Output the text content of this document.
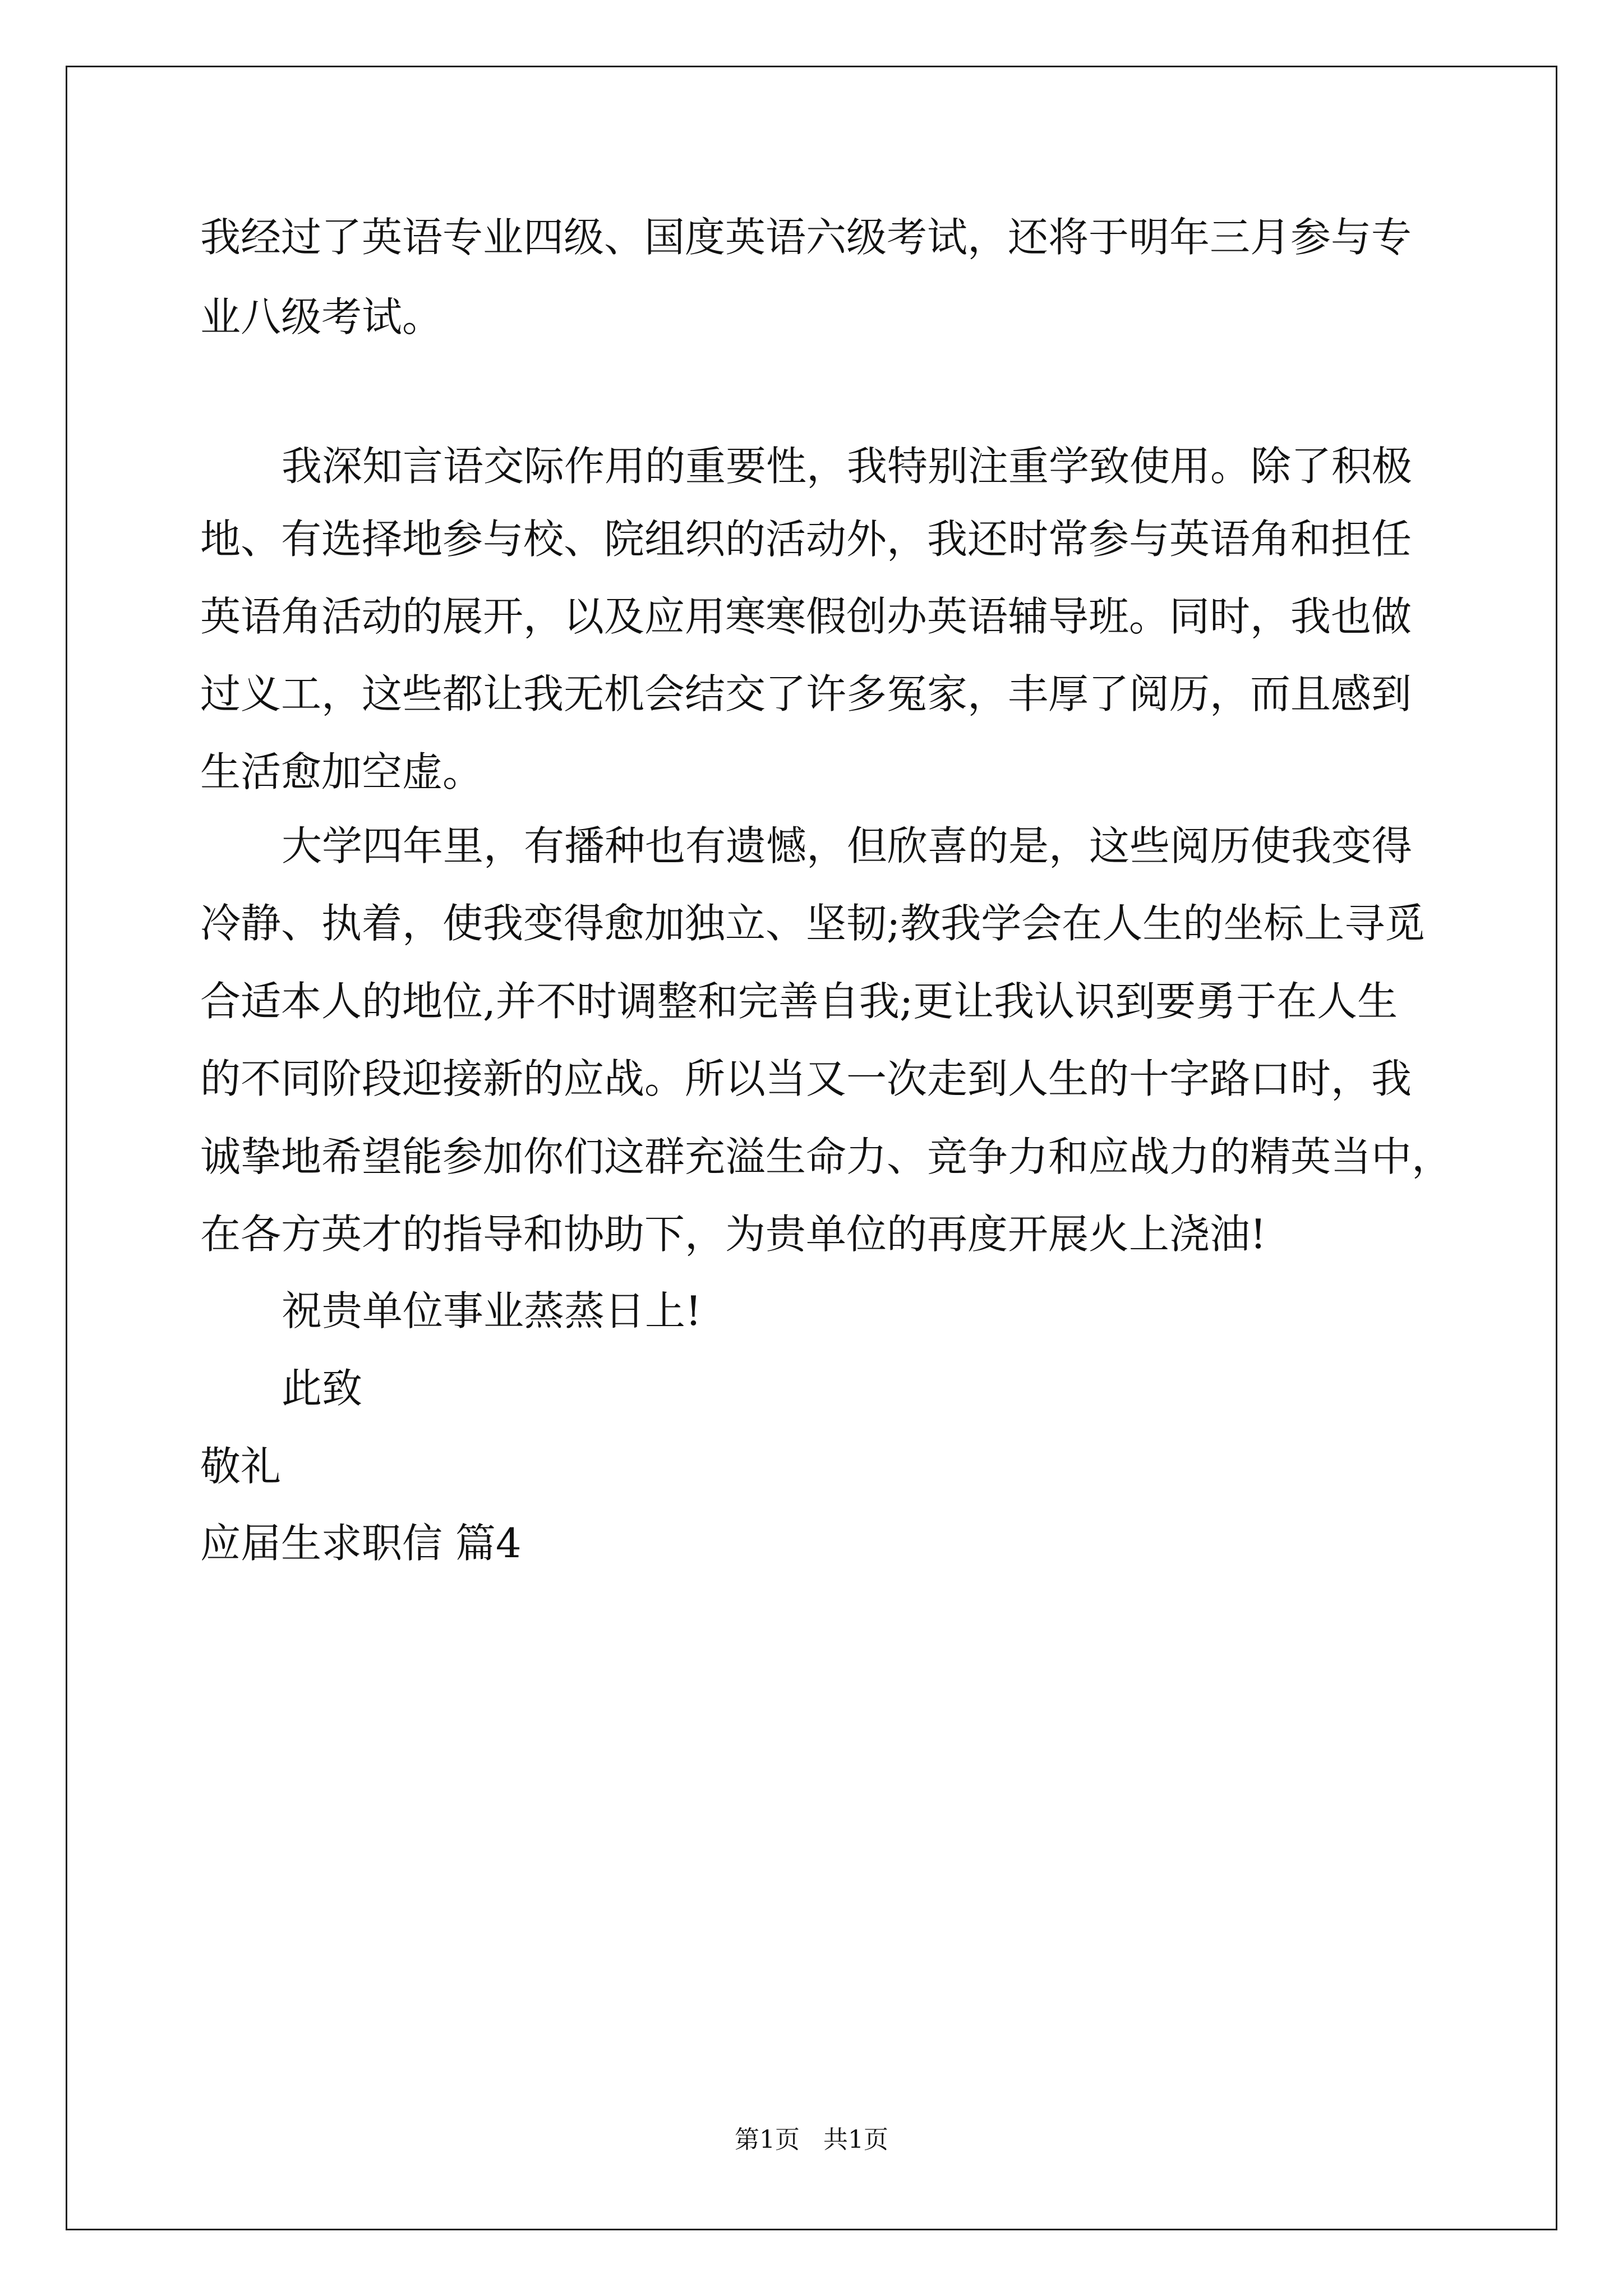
我经过了英语专业四级、国度英语六级考试，还将于明年三月参与专
业八级考试。
我深知言语交际作用的重要性，我特别注重学致使用。除了积极
地、有选择地参与校、院组织的活动外，我还时常参与英语角和担任
英语角活动的展开，以及应用寒寒假创办英语辅导班。同时，我也做
过义工，这些都让我无机会结交了许多冤家，丰厚了阅历，而且感到
生活愈加空虚。
大学四年里，有播种也有遗憾，但欣喜的是，这些阅历使我变得
冷静、执着，使我变得愈加独立、坚韧;教我学会在人生的坐标上寻觅
合适本人的地位,并不时调整和完善自我;更让我认识到要勇于在人生
的不同阶段迎接新的应战。所以当又一次走到人生的十字路口时，我
诚挚地希望能参加你们这群充溢生命力、竞争力和应战力的精英当中，
在各方英才的指导和协助下，为贵单位的再度开展火上浇油!
祝贵单位事业蒸蒸日上!
此致
敬礼
应届生求职信 篇4
第1页   共1页
